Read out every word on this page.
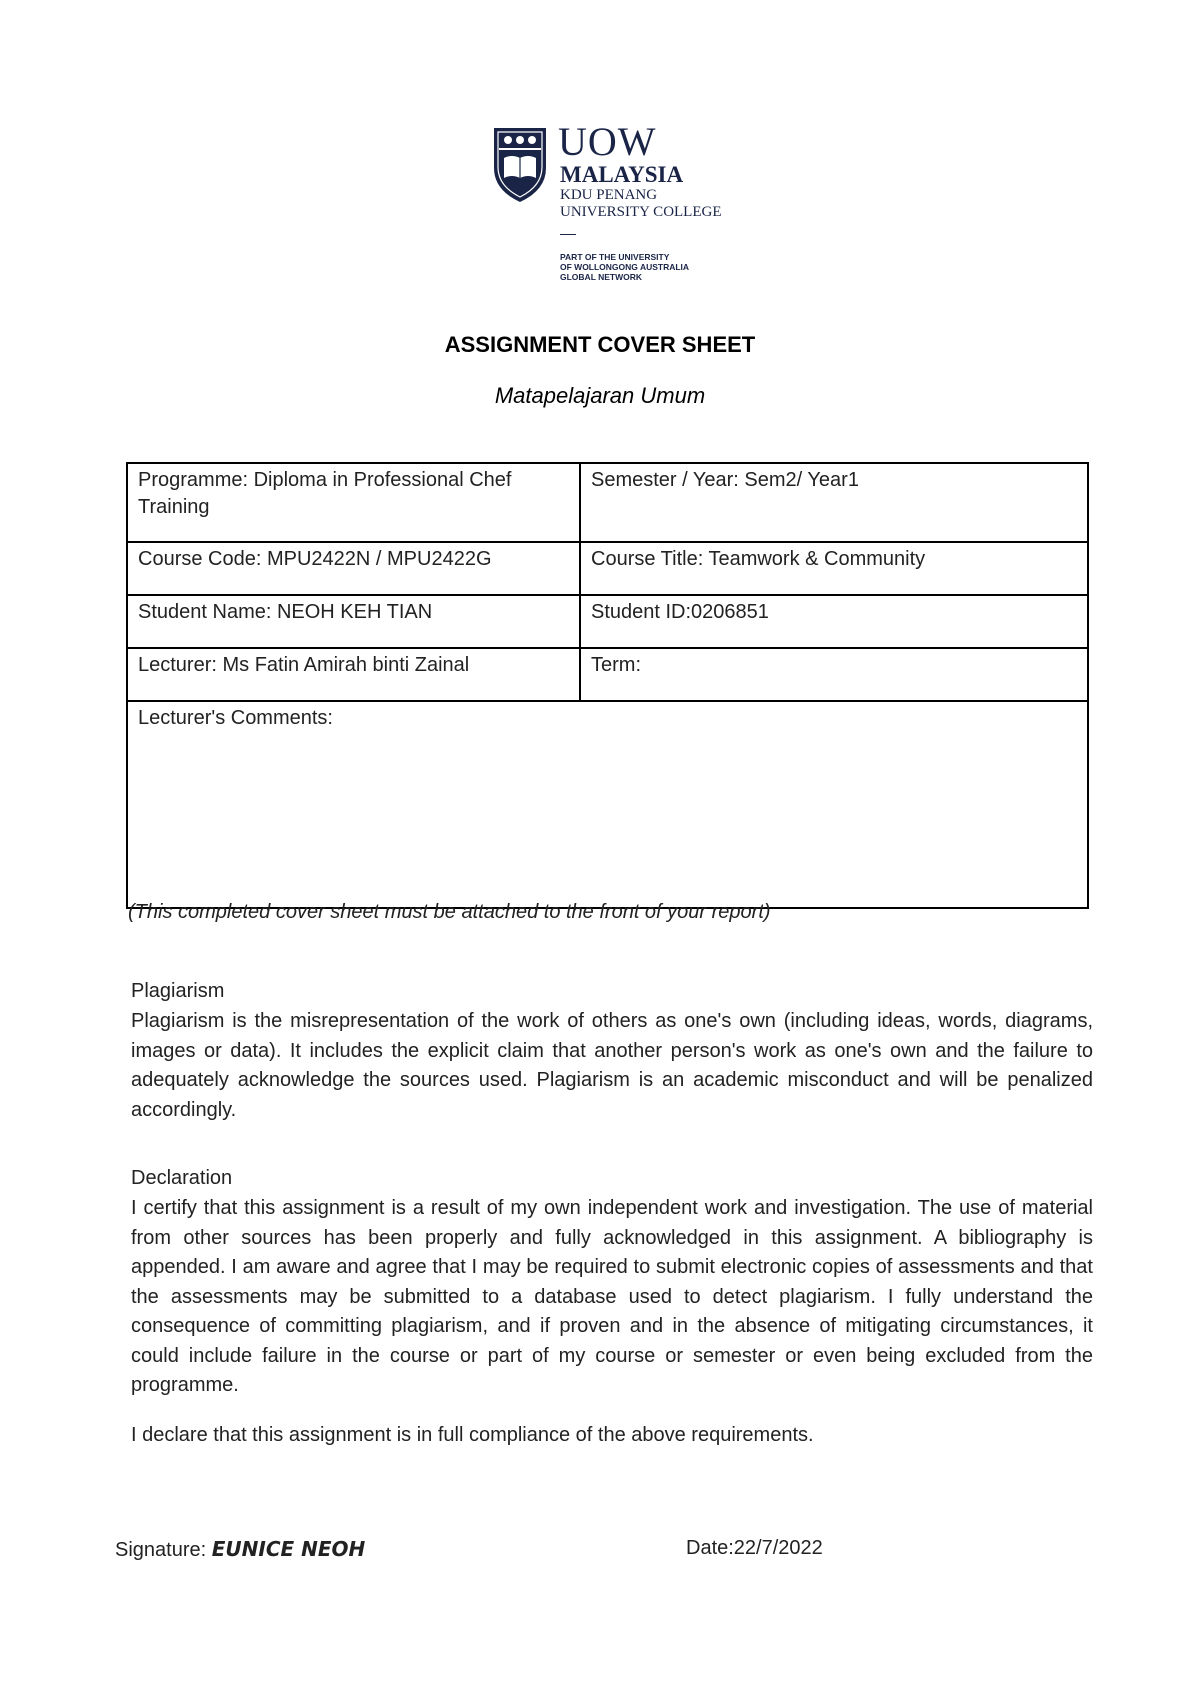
UOW
MALAYSIA
KDU PENANG
UNIVERSITY COLLEGE
PART OF THE UNIVERSITY
OF WOLLONGONG AUSTRALIA
GLOBAL NETWORK
ASSIGNMENT COVER SHEET
Matapelajaran Umum
Programme: Diploma in Professional Chef Training	Semester / Year: Sem2/ Year1
Course Code: MPU2422N / MPU2422G	Course Title: Teamwork & Community
Student Name: NEOH KEH TIAN	Student ID:0206851
Lecturer: Ms Fatin Amirah binti Zainal	Term:
Lecturer's Comments:	
(This completed cover sheet must be attached to the front of your report)
Plagiarism
Plagiarism is the misrepresentation of the work of others as one's own (including ideas, words, diagrams, images or data). It includes the explicit claim that another person's work as one's own and the failure to adequately acknowledge the sources used. Plagiarism is an academic misconduct and will be penalized accordingly.
Declaration
I certify that this assignment is a result of my own independent work and investigation. The use of material from other sources has been properly and fully acknowledged in this assignment. A bibliography is appended. I am aware and agree that I may be required to submit electronic copies of assessments and that the assessments may be submitted to a database used to detect plagiarism. I fully understand the consequence of committing plagiarism, and if proven and in the absence of mitigating circumstances, it could include failure in the course or part of my course or semester or even being excluded from the programme.
I declare that this assignment is in full compliance of the above requirements.
Signature: EUNICE NEOH	Date:22/7/2022
